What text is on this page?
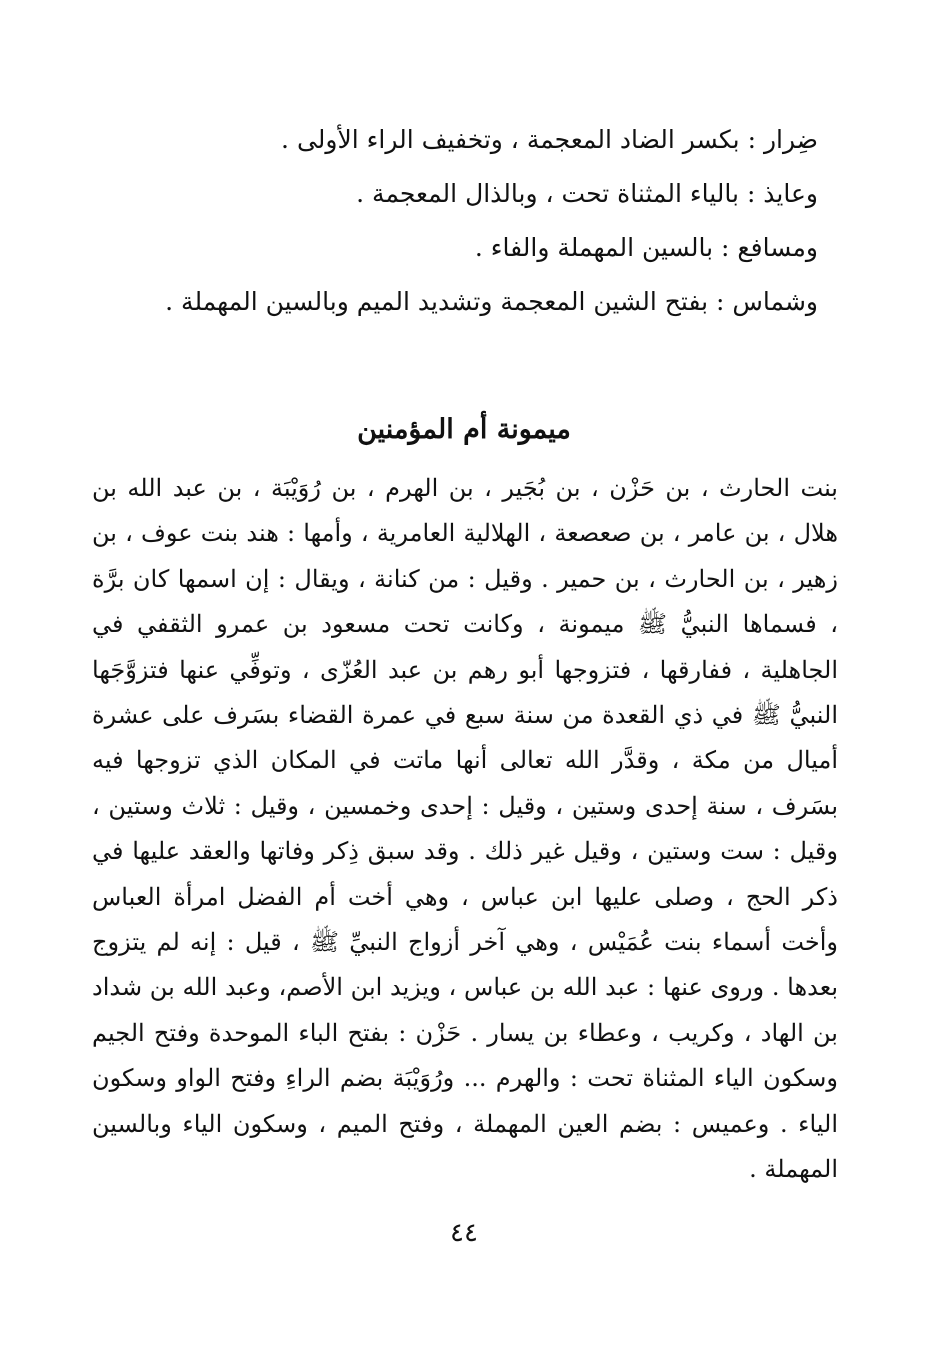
ضِرار : بكسر الضاد المعجمة ، وتخفيف الراء الأولى .
وعايذ : بالياء المثناة تحت ، وبالذال المعجمة .
ومسافع : بالسين المهملة والفاء .
وشماس : بفتح الشين المعجمة وتشديد الميم وبالسين المهملة .
ميمونة أم المؤمنين
بنت الحارث ، بن حَزْن ، بن بُجَير ، بن الهرم ، بن رُوَيْبَة ، بن عبد الله بن هلال ، بن عامر ، بن صعصعة ، الهلالية العامرية ، وأمها : هند بنت عوف ، بن زهير ، بن الحارث ، بن حمير . وقيل : من كنانة ، ويقال : إن اسمها كان برَّة ، فسماها النبيُّ ﷺ ميمونة ، وكانت تحت مسعود بن عمرو الثقفي في الجاهلية ، ففارقها ، فتزوجها أبو رهم بن عبد العُزّى ، وتوفِّي عنها فتزوَّجَها النبيُّ ﷺ في ذي القعدة من سنة سبع في عمرة القضاء بسَرف على عشرة أميال من مكة ، وقدَّر الله تعالى أنها ماتت في المكان الذي تزوجها فيه بسَرف ، سنة إحدى وستين ، وقيل : إحدى وخمسين ، وقيل : ثلاث وستين ، وقيل : ست وستين ، وقيل غير ذلك . وقد سبق ذِكر وفاتها والعقد عليها في ذكر الحج ، وصلى عليها ابن عباس ، وهي أخت أم الفضل امرأة العباس وأخت أسماء بنت عُمَيْس ، وهي آخر أزواج النبيِّ ﷺ ، قيل : إنه لم يتزوج بعدها . وروى عنها : عبد الله بن عباس ، ويزيد ابن الأصم، وعبد الله بن شداد بن الهاد ، وكريب ، وعطاء بن يسار . حَزْن : بفتح الباء الموحدة وفتح الجيم وسكون الياء المثناة تحت : والهرم ... ورُوَيْبَة بضم الراءِ وفتح الواو وسكون الياء . وعميس : بضم العين المهملة ، وفتح الميم ، وسكون الياء وبالسين المهملة .
٤٤
